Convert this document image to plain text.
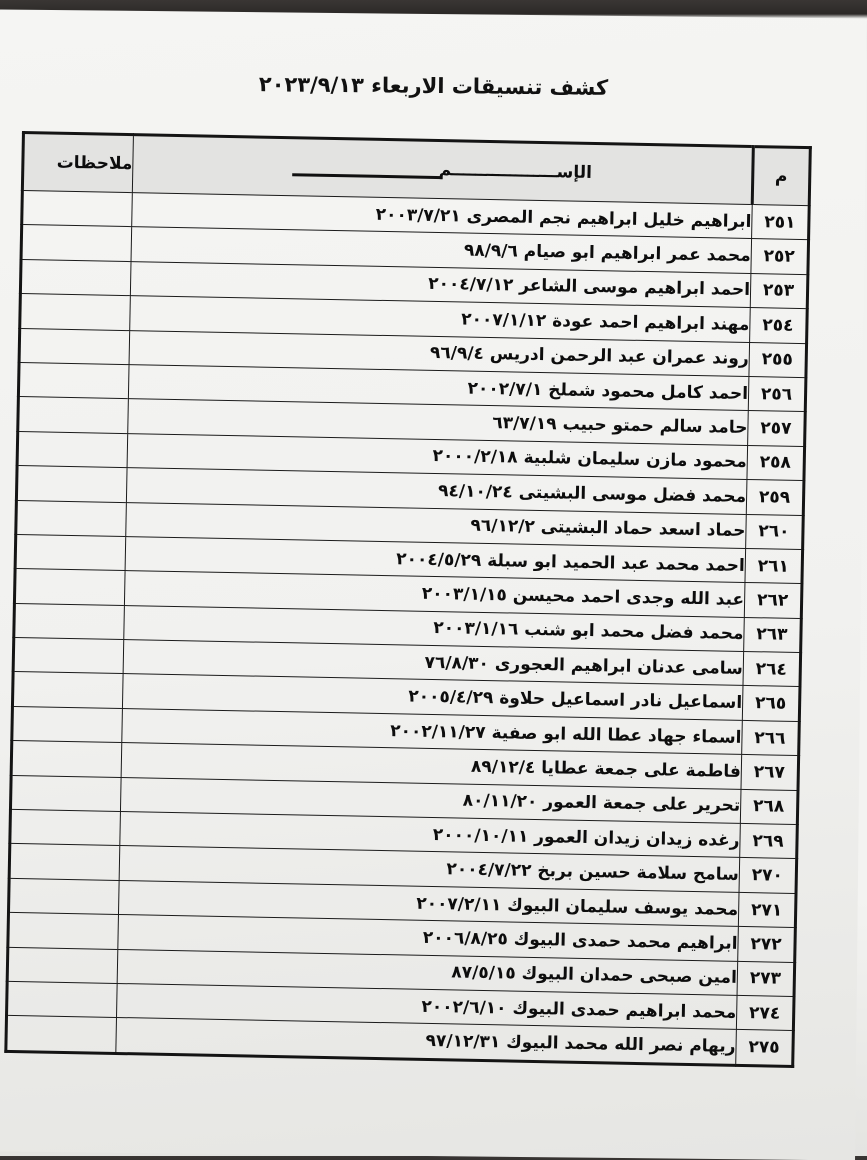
كشف تنسيقات الاربعاء ٢٠٢٣/٩/١٣
م	الإســــــــــــــــــم	ملاحظات
٢٥١	ابراهيم خليل ابراهيم نجم المصرى ٢٠٠٣/٧/٢١	
٢٥٢	محمد عمر ابراهيم ابو صيام ٩٨/٩/٦	
٢٥٣	احمد ابراهيم موسى الشاعر ٢٠٠٤/٧/١٢	
٢٥٤	مهند ابراهيم احمد عودة ٢٠٠٧/١/١٢	
٢٥٥	روند عمران عبد الرحمن ادريس ٩٦/٩/٤	
٢٥٦	احمد كامل محمود شملخ ٢٠٠٢/٧/١	
٢٥٧	حامد سالم حمتو حبيب ٦٣/٧/١٩	
٢٥٨	محمود مازن سليمان شلبية ٢٠٠٠/٢/١٨	
٢٥٩	محمد فضل موسى البشيتى ٩٤/١٠/٢٤	
٢٦٠	حماد اسعد حماد البشيتى ٩٦/١٢/٢	
٢٦١	احمد محمد عبد الحميد ابو سبلة ٢٠٠٤/٥/٢٩	
٢٦٢	عبد الله وجدى احمد محيسن ٢٠٠٣/١/١٥	
٢٦٣	محمد فضل محمد ابو شنب ٢٠٠٣/١/١٦	
٢٦٤	سامى عدنان ابراهيم العجورى ٧٦/٨/٣٠	
٢٦٥	اسماعيل نادر اسماعيل حلاوة ٢٠٠٥/٤/٢٩	
٢٦٦	اسماء جهاد عطا الله ابو صفية ٢٠٠٢/١١/٢٧	
٢٦٧	فاطمة على جمعة عطايا ٨٩/١٢/٤	
٢٦٨	تحرير على جمعة العمور ٨٠/١١/٢٠	
٢٦٩	رغده زيدان زيدان العمور ٢٠٠٠/١٠/١١	
٢٧٠	سامح سلامة حسين بربخ ٢٠٠٤/٧/٢٢	
٢٧١	محمد يوسف سليمان البيوك ٢٠٠٧/٢/١١	
٢٧٢	ابراهيم محمد حمدى البيوك ٢٠٠٦/٨/٢٥	
٢٧٣	امين صبحى حمدان البيوك ٨٧/٥/١٥	
٢٧٤	محمد ابراهيم حمدى البيوك ٢٠٠٢/٦/١٠	
٢٧٥	ريهام نصر الله محمد البيوك ٩٧/١٢/٣١	
